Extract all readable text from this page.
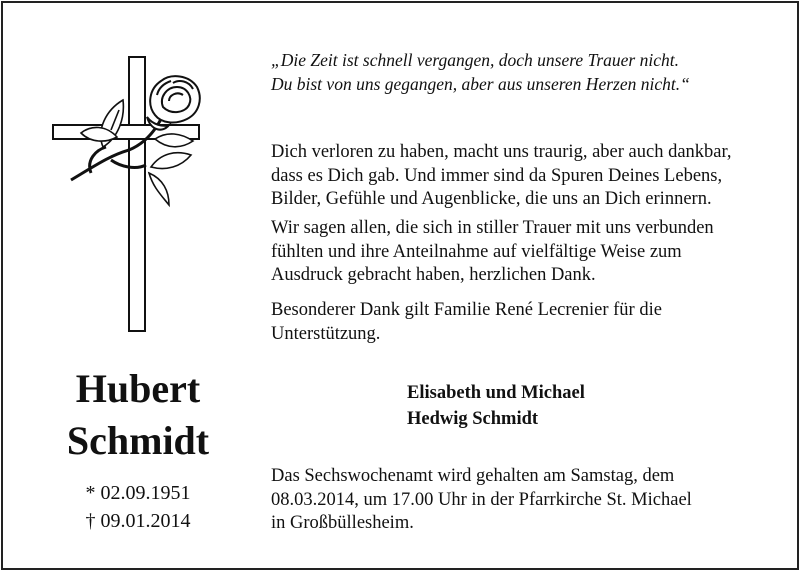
Hubert
Schmidt
* 02.09.1951
† 09.01.2014
„Die Zeit ist schnell vergangen, doch unsere Trauer nicht.
Du bist von uns gegangen, aber aus unseren Herzen nicht.“
Dich verloren zu haben, macht uns traurig, aber auch dankbar,
dass es Dich gab. Und immer sind da Spuren Deines Lebens,
Bilder, Gefühle und Augenblicke, die uns an Dich erinnern.
Wir sagen allen, die sich in stiller Trauer mit uns verbunden
fühlten und ihre Anteilnahme auf vielfältige Weise zum
Ausdruck gebracht haben, herzlichen Dank.
Besonderer Dank gilt Familie René Lecrenier für die
Unterstützung.
Elisabeth und Michael
Hedwig Schmidt
Das Sechswochenamt wird gehalten am Samstag, dem
08.03.2014, um 17.00 Uhr in der Pfarrkirche St. Michael
in Großbüllesheim.
